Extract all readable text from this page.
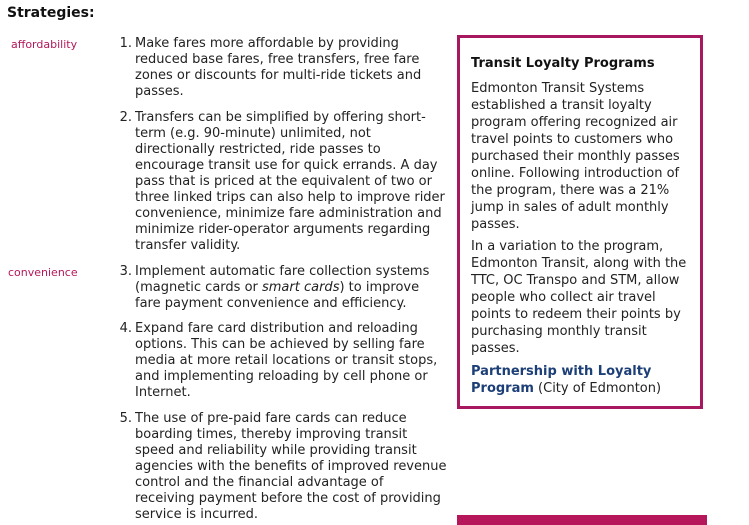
Strategies:
affordability
convenience
1. Make fares more affordable by providing reduced base fares, free transfers, free fare zones or discounts for multi-ride tickets and passes.
2. Transfers can be simplified by offering short-term (e.g. 90-minute) unlimited, not directionally restricted, ride passes to encourage transit use for quick errands. A day pass that is priced at the equivalent of two or three linked trips can also help to improve rider convenience, minimize fare administration and minimize rider-operator arguments regarding transfer validity.
3. Implement automatic fare collection systems (magnetic cards or smart cards) to improve fare payment convenience and efficiency.
4. Expand fare card distribution and reloading options. This can be achieved by selling fare media at more retail locations or transit stops, and implementing reloading by cell phone or Internet.
5. The use of pre-paid fare cards can reduce boarding times, thereby improving transit speed and reliability while providing transit agencies with the benefits of improved revenue control and the financial advantage of receiving payment before the cost of providing service is incurred.
Transit Loyalty Programs
Edmonton Transit Systems established a transit loyalty program offering recognized air travel points to customers who purchased their monthly passes online. Following introduction of the program, there was a 21% jump in sales of adult monthly passes.
In a variation to the program, Edmonton Transit, along with the TTC, OC Transpo and STM, allow people who collect air travel points to redeem their points by purchasing monthly transit passes.
Partnership with Loyalty Program (City of Edmonton)
